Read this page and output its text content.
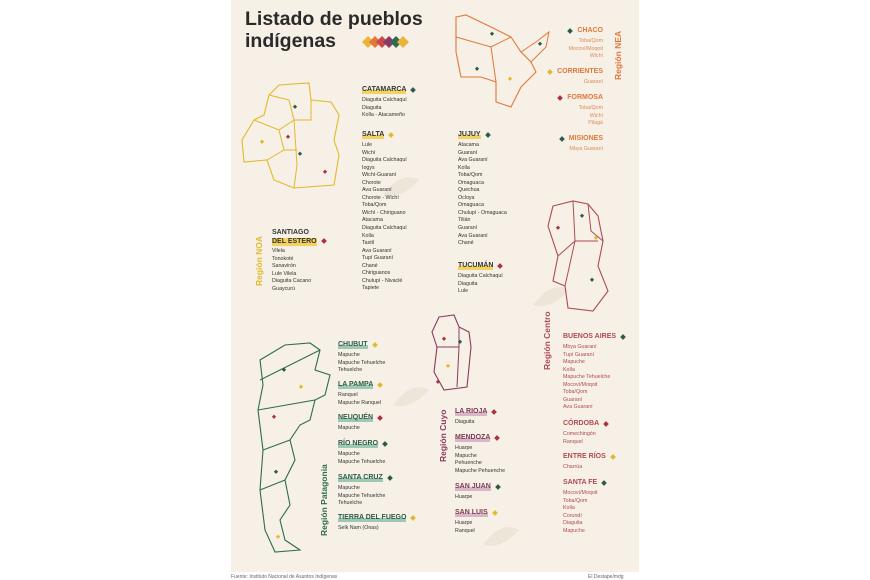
Listado de pueblos
indígenas
Región NOA
Región NEA
Región Centro
Región Cuyo
Región Patagonia
CATAMARCA
Diaguita Calchaquí
Diaguita
Kolla - Atacameño
SALTA
Lule
Wichí
Diaguita Calchaquí
Iogys
Wichí-Guaraní
Chorote
Ava Guaraní
Chorote - Wichí
Toba/Qom
Wichí - Chiriguano
Atacama
Diaguita Calchaquí
Kolla
Tastil
Ava Guaraní
Tupí Guaraní
Chané
Chiriguanos
Chulupí - Nivaclé
Tapiete
JUJUY
Atacama
Guaraní
Ava Guaraní
Kolla
Toba/Qom
Omaguaca
Quechua
Ocloya
Omaguaca
Chulupí - Omaguaca
Tilián
Guaraní
Ava Guaraní
Chané
SANTIAGO
DEL ESTERO
Vilela
Tonokoté
Sanavirón
Lule Vilela
Diaguita Cacano
Guaycurú
TUCUMÁN
Diaguita Calchaquí
Diaguita
Lule
CHACO
Toba/Qom
Mocoví/Moqoit
Wichí
CORRIENTES
Guaraní
FORMOSA
Toba/Qom
Wichí
Pilagá
MISIONES
Mbya Guaraní
BUENOS AIRES
Mbya Guaraní
Tupí Guaraní
Mapuche
Kolla
Mapuche Tehuelche
Mocoví/Moqoit
Toba/Qom
Guaraní
Ava Guaraní
CÓRDOBA
Comechingón
Ranquel
ENTRE RÍOS
Charrúa
SANTA FE
Mocoví/Moqoit
Toba/Qom
Kolla
Corundí
Diaguita
Mapuche
LA RIOJA
Diaguita
MENDOZA
Huarpe
Mapuche
Pehuenche
Mapuche Pehuenche
SAN JUAN
Huarpe
SAN LUIS
Huarpe
Ranquel
CHUBUT
Mapuche
Mapuche Tehuelche
Tehuelche
LA PAMPA
Ranquel
Mapuche Ranquel
NEUQUÉN
Mapuche
RÍO NEGRO
Mapuche
Mapuche Tehuelche
SANTA CRUZ
Mapuche
Mapuche Tehuelche
Tehuelche
TIERRA DEL FUEGO
Selk Nam (Onas)
Fuente: Instituto Nacional de Asuntos Indígenas	El Destape/mdg
